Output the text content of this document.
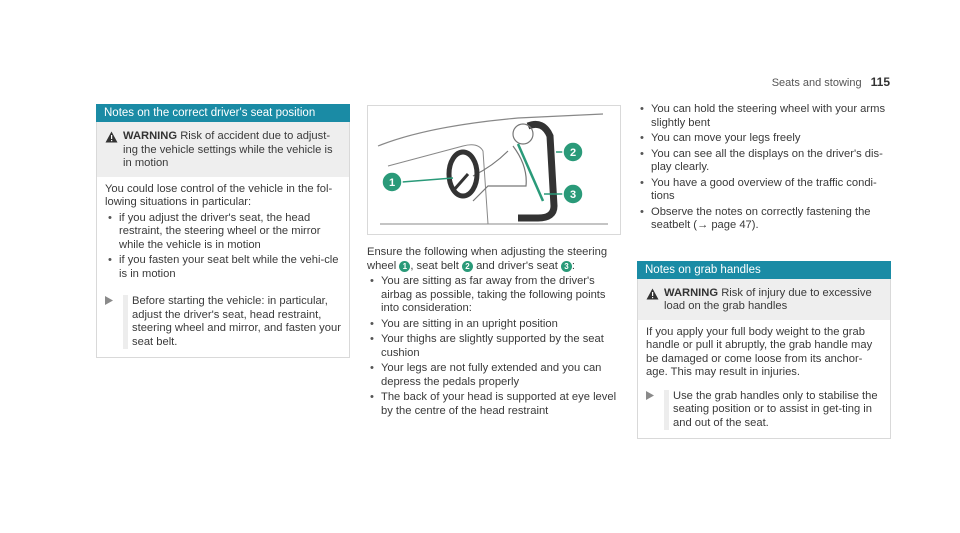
Seats and stowing 115
Notes on the correct driver's seat position
WARNING Risk of accident due to adjust-ing the vehicle settings while the vehicle is in motion

You could lose control of the vehicle in the fol-lowing situations in particular:

• if you adjust the driver's seat, the head restraint, the steering wheel or the mirror while the vehicle is in motion
• if you fasten your seat belt while the vehi-cle is in motion
Before starting the vehicle: in particular, adjust the driver's seat, head restraint, steering wheel and mirror, and fasten your seat belt.
1
2
3

Ensure the following when adjusting the steering wheel 1 , seat belt 2 and driver's seat 3 :

• You are sitting as far away from the driver's airbag as possible, taking the following points into consideration:
• You are sitting in an upright position
• Your thighs are slightly supported by the seat cushion
• Your legs are not fully extended and you can depress the pedals properly
• The back of your head is supported at eye level by the centre of the head restraint
• You can hold the steering wheel with your arms slightly bent
• You can move your legs freely
• You can see all the displays on the driver's dis-play clearly.
• You have a good overview of the traffic condi-tions
• Observe the notes on correctly fastening the seatbelt (→ page 47).
Notes on grab handles
WARNING Risk of injury due to excessive load on the grab handles

If you apply your full body weight to the grab handle or pull it abruptly, the grab handle may be damaged or come loose from its anchor-age. This may result in injuries.

Use the grab handles only to stabilise the seating position or to assist in get-ting in and out of the seat.
